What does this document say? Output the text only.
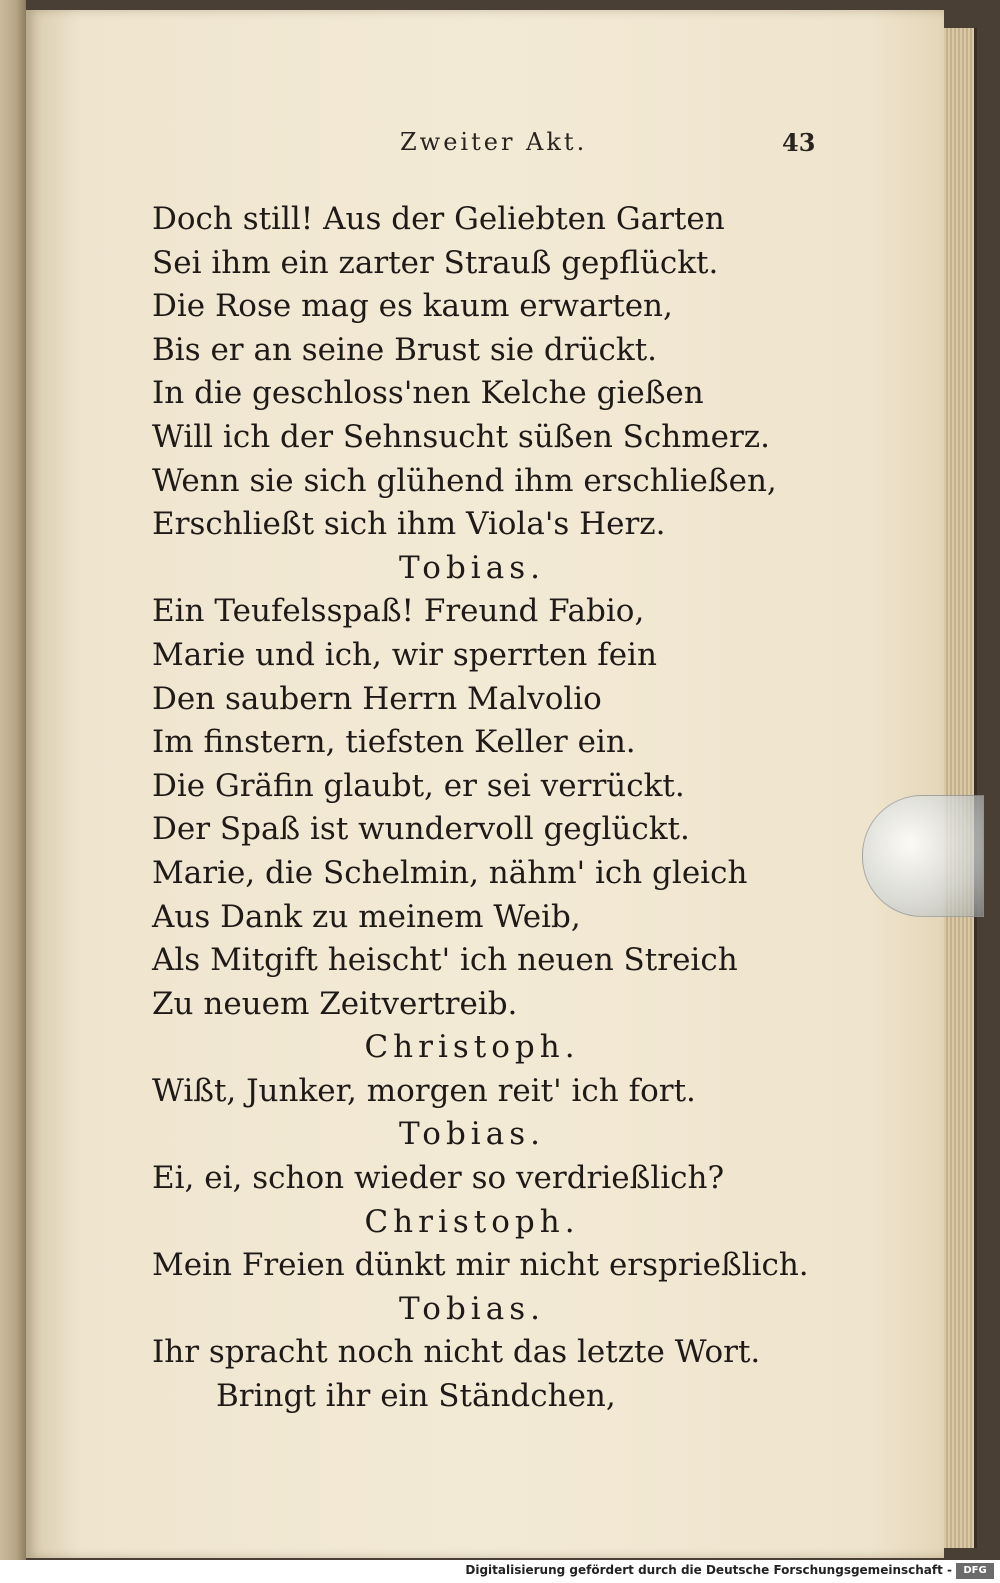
Zweiter Akt.	43
Doch still! Aus der Geliebten Garten
Sei ihm ein zarter Strauß gepflückt.
Die Rose mag es kaum erwarten,
Bis er an seine Brust sie drückt.
In die geschloss'nen Kelche gießen
Will ich der Sehnsucht süßen Schmerz.
Wenn sie sich glühend ihm erschließen,
Erschließt sich ihm Viola's Herz.
Tobias.
Ein Teufelsspaß! Freund Fabio,
Marie und ich, wir sperrten fein
Den saubern Herrn Malvolio
Im finstern, tiefsten Keller ein.
Die Gräfin glaubt, er sei verrückt.
Der Spaß ist wundervoll geglückt.
Marie, die Schelmin, nähm' ich gleich
Aus Dank zu meinem Weib,
Als Mitgift heischt' ich neuen Streich
Zu neuem Zeitvertreib.
Christoph.
Wißt, Junker, morgen reit' ich fort.
Tobias.
Ei, ei, schon wieder so verdrießlich?
Christoph.
Mein Freien dünkt mir nicht ersprießlich.
Tobias.
Ihr spracht noch nicht das letzte Wort.
Bringt ihr ein Ständchen,
Digitalisierung gefördert durch die Deutsche Forschungsgemeinschaft -	DFG
